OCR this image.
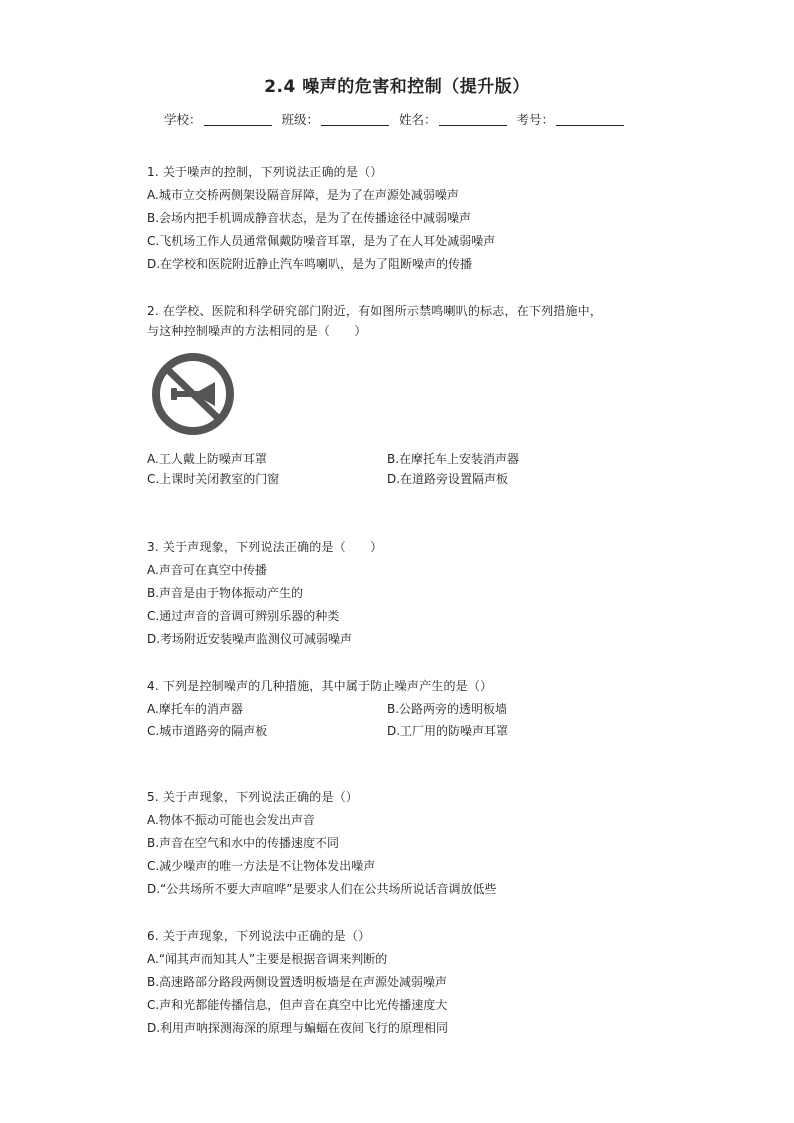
2.4 噪声的危害和控制（提升版）
学校：	班级：	姓名：	考号：
1. 关于噪声的控制，下列说法正确的是（）
A.城市立交桥两侧架设隔音屏障，是为了在声源处减弱噪声
B.会场内把手机调成静音状态，是为了在传播途径中减弱噪声
C.飞机场工作人员通常佩戴防噪音耳罩，是为了在人耳处减弱噪声
D.在学校和医院附近静止汽车鸣喇叭，是为了阻断噪声的传播
2. 在学校、医院和科学研究部门附近，有如图所示禁鸣喇叭的标志，在下列措施中，
与这种控制噪声的方法相同的是（　　）
A.工人戴上防噪声耳罩	B.在摩托车上安装消声器
C.上课时关闭教室的门窗	D.在道路旁设置隔声板
3. 关于声现象，下列说法正确的是（　　）
A.声音可在真空中传播
B.声音是由于物体振动产生的
C.通过声音的音调可辨别乐器的种类
D.考场附近安装噪声监测仪可减弱噪声
4. 下列是控制噪声的几种措施，其中属于防止噪声产生的是（）
A.摩托车的消声器	B.公路两旁的透明板墙
C.城市道路旁的隔声板	D.工厂用的防噪声耳罩
5. 关于声现象，下列说法正确的是（）
A.物体不振动可能也会发出声音
B.声音在空气和水中的传播速度不同
C.减少噪声的唯一方法是不让物体发出噪声
D.“公共场所不要大声喧哗”是要求人们在公共场所说话音调放低些
6. 关于声现象，下列说法中正确的是（）
A.“闻其声而知其人”主要是根据音调来判断的
B.高速路部分路段两侧设置透明板墙是在声源处减弱噪声
C.声和光都能传播信息，但声音在真空中比光传播速度大
D.利用声呐探测海深的原理与蝙蝠在夜间飞行的原理相同
